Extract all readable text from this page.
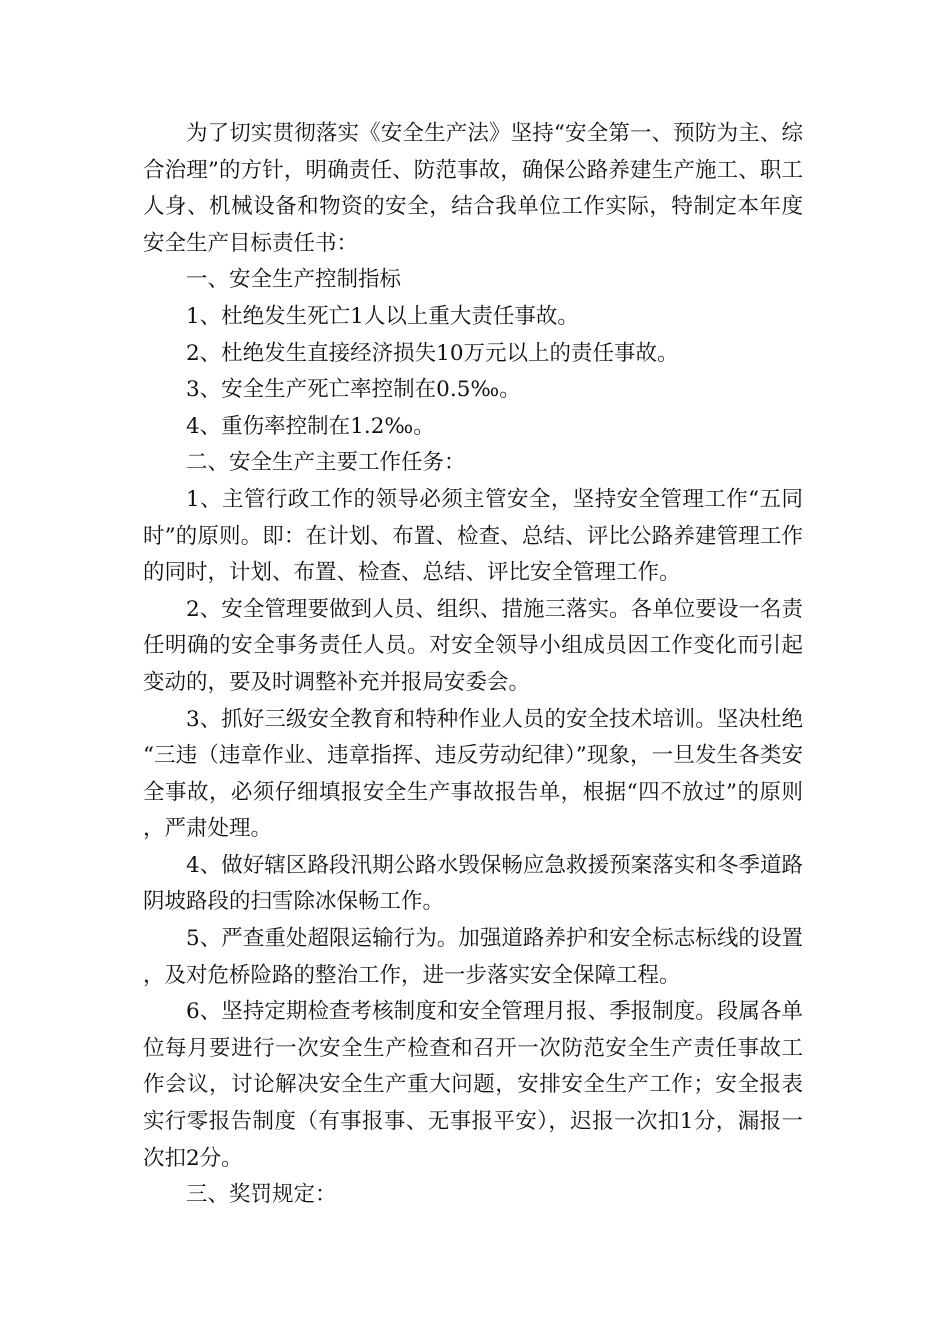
为了切实贯彻落实《安全生产法》坚持“安全第一、预防为主、综合治理”的方针，明确责任、防范事故，确保公路养建生产施工、职工人身、机械设备和物资的安全，结合我单位工作实际，特制定本年度安全生产目标责任书：

一、安全生产控制指标

1、杜绝发生死亡1人以上重大责任事故。

2、杜绝发生直接经济损失10万元以上的责任事故。

3、安全生产死亡率控制在0.5‰。

4、重伤率控制在1.2‰。

二、安全生产主要工作任务：

1、主管行政工作的领导必须主管安全，坚持安全管理工作“五同时”的原则。即：在计划、布置、检查、总结、评比公路养建管理工作的同时，计划、布置、检查、总结、评比安全管理工作。

2、安全管理要做到人员、组织、措施三落实。各单位要设一名责任明确的安全事务责任人员。对安全领导小组成员因工作变化而引起变动的，要及时调整补充并报局安委会。

3、抓好三级安全教育和特种作业人员的安全技术培训。坚决杜绝“三违（违章作业、违章指挥、违反劳动纪律）”现象，一旦发生各类安全事故，必须仔细填报安全生产事故报告单，根据“四不放过”的原则，严肃处理。

4、做好辖区路段汛期公路水毁保畅应急救援预案落实和冬季道路阴坡路段的扫雪除冰保畅工作。

5、严查重处超限运输行为。加强道路养护和安全标志标线的设置，及对危桥险路的整治工作，进一步落实安全保障工程。

6、坚持定期检查考核制度和安全管理月报、季报制度。段属各单位每月要进行一次安全生产检查和召开一次防范安全生产责任事故工作会议，讨论解决安全生产重大问题，安排安全生产工作；安全报表实行零报告制度（有事报事、无事报平安），迟报一次扣1分，漏报一次扣2分。

三、奖罚规定：
